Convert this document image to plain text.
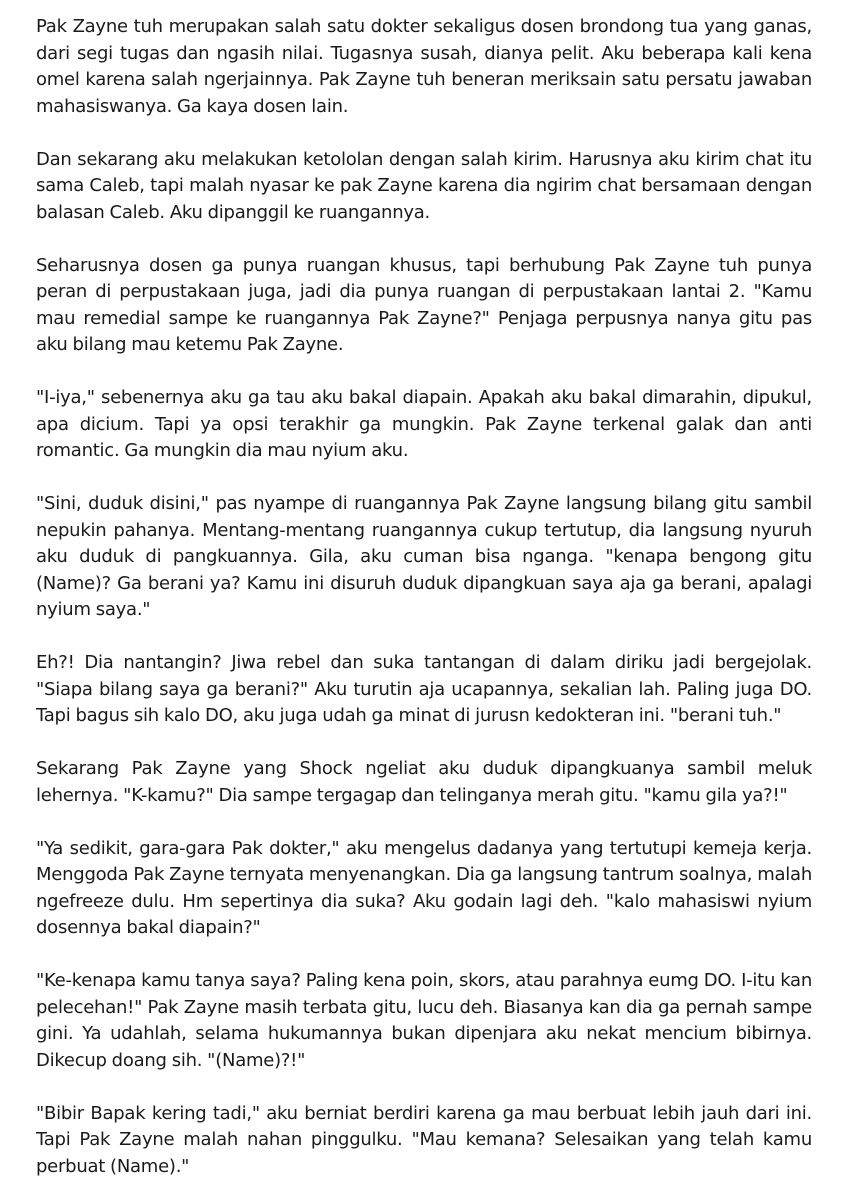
Pak Zayne tuh merupakan salah satu dokter sekaligus dosen brondong tua yang ganas, dari segi tugas dan ngasih nilai. Tugasnya susah, dianya pelit. Aku beberapa kali kena omel karena salah ngerjainnya. Pak Zayne tuh beneran meriksain satu persatu jawaban mahasiswanya. Ga kaya dosen lain.

Dan sekarang aku melakukan ketololan dengan salah kirim. Harusnya aku kirim chat itu sama Caleb, tapi malah nyasar ke pak Zayne karena dia ngirim chat bersamaan dengan balasan Caleb. Aku dipanggil ke ruangannya.

Seharusnya dosen ga punya ruangan khusus, tapi berhubung Pak Zayne tuh punya peran di perpustakaan juga, jadi dia punya ruangan di perpustakaan lantai 2. "Kamu mau remedial sampe ke ruangannya Pak Zayne?" Penjaga perpusnya nanya gitu pas aku bilang mau ketemu Pak Zayne.

"I-iya," sebenernya aku ga tau aku bakal diapain. Apakah aku bakal dimarahin, dipukul, apa dicium. Tapi ya opsi terakhir ga mungkin. Pak Zayne terkenal galak dan anti romantic. Ga mungkin dia mau nyium aku.

"Sini, duduk disini," pas nyampe di ruangannya Pak Zayne langsung bilang gitu sambil nepukin pahanya. Mentang-mentang ruangannya cukup tertutup, dia langsung nyuruh aku duduk di pangkuannya. Gila, aku cuman bisa nganga. "kenapa bengong gitu (Name)? Ga berani ya? Kamu ini disuruh duduk dipangkuan saya aja ga berani, apalagi nyium saya."

Eh?! Dia nantangin? Jiwa rebel dan suka tantangan di dalam diriku jadi bergejolak. "Siapa bilang saya ga berani?" Aku turutin aja ucapannya, sekalian lah. Paling juga DO. Tapi bagus sih kalo DO, aku juga udah ga minat di jurusn kedokteran ini. "berani tuh."

Sekarang Pak Zayne yang Shock ngeliat aku duduk dipangkuanya sambil meluk lehernya. "K-kamu?" Dia sampe tergagap dan telinganya merah gitu. "kamu gila ya?!"

"Ya sedikit, gara-gara Pak dokter," aku mengelus dadanya yang tertutupi kemeja kerja. Menggoda Pak Zayne ternyata menyenangkan. Dia ga langsung tantrum soalnya, malah ngefreeze dulu. Hm sepertinya dia suka? Aku godain lagi deh. "kalo mahasiswi nyium dosennya bakal diapain?"

"Ke-kenapa kamu tanya saya? Paling kena poin, skors, atau parahnya eumg DO. I-itu kan pelecehan!" Pak Zayne masih terbata gitu, lucu deh. Biasanya kan dia ga pernah sampe gini. Ya udahlah, selama hukumannya bukan dipenjara aku nekat mencium bibirnya. Dikecup doang sih. "(Name)?!"

"Bibir Bapak kering tadi," aku berniat berdiri karena ga mau berbuat lebih jauh dari ini. Tapi Pak Zayne malah nahan pinggulku. "Mau kemana? Selesaikan yang telah kamu perbuat (Name)."
